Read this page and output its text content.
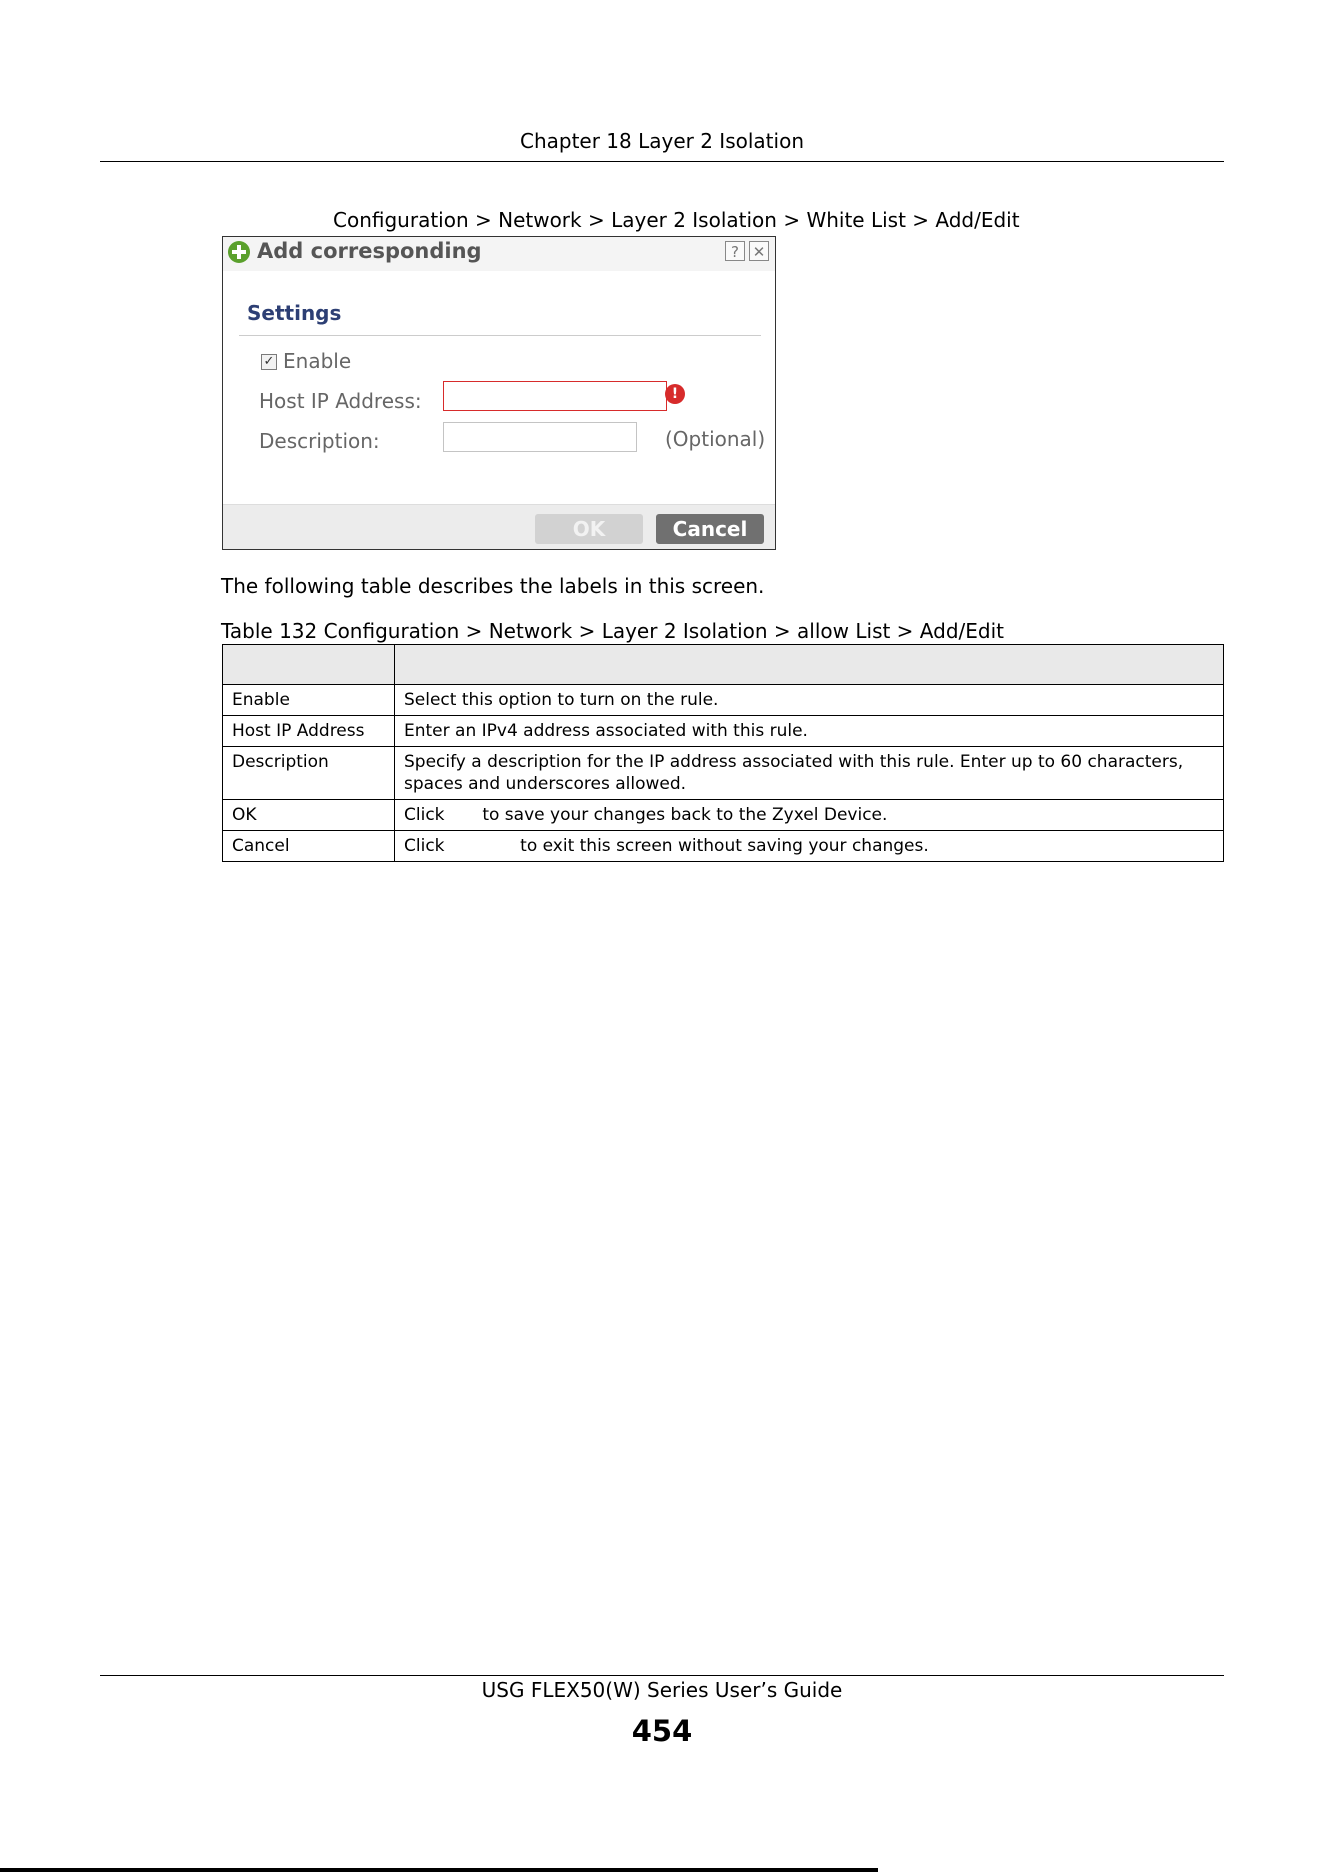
Chapter 18 Layer 2 Isolation
Configuration > Network > Layer 2 Isolation > White List > Add/Edit
Add corresponding	? ✕
Settings
✓ Enable
Host IP Address:	!
Description:	(Optional)
OK	Cancel
The following table describes the labels in this screen.
Table 132 Configuration > Network > Layer 2 Isolation > allow List > Add/Edit

Enable	Select this option to turn on the rule.
Host IP Address	Enter an IPv4 address associated with this rule.
Description	Specify a description for the IP address associated with this rule. Enter up to 60 characters, spaces and underscores allowed.
OK	Click       to save your changes back to the Zyxel Device.
Cancel	Click              to exit this screen without saving your changes.
USG FLEX50(W) Series User’s Guide
454
